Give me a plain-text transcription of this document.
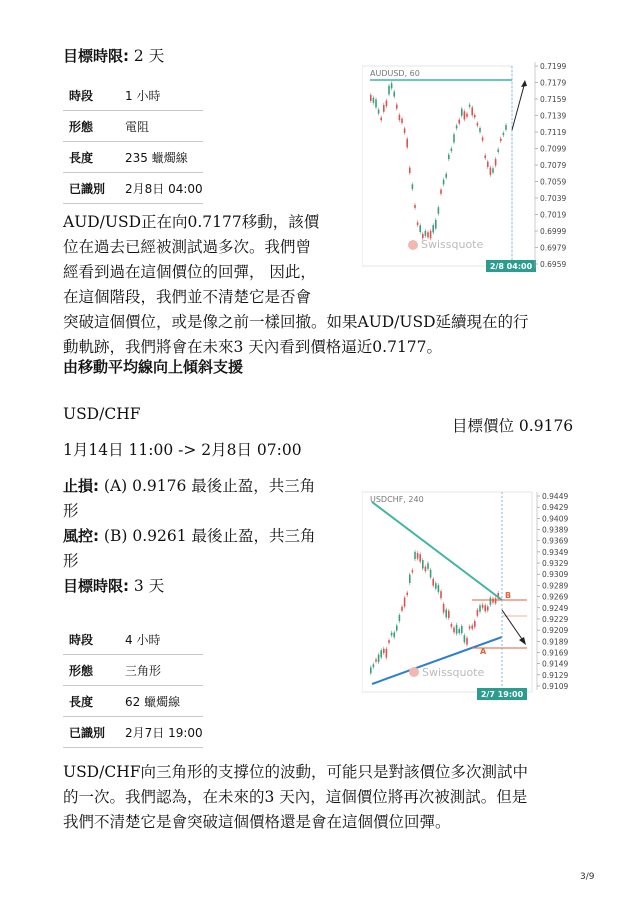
目標時限: 2 天
時段	1 小時
形態	電阻
長度	235 蠟燭線
已識別	2月8日 04:00
AUD/USD正在向0.7177移動，該價
位在過去已經被測試過多次。我們曾
經看到過在這個價位的回彈， 因此，
在這個階段，我們並不清楚它是否會
突破這個價位，或是像之前一樣回撤。如果AUD/USD延續現在的行
動軌跡，我們將會在未來3 天內看到價格逼近0.7177。
由移動平均線向上傾斜支援
AUDUSD, 60
Swissquote
2/8 04:00
0.7199
0.7179
0.7159
0.7139
0.7119
0.7099
0.7079
0.7059
0.7039
0.7019
0.6999
0.6979
0.6959
USD/CHF
目標價位 0.9176
1月14日 11:00 -> 2月8日 07:00
止損: (A) 0.9176 最後止盈，共三角
形
風控: (B) 0.9261 最後止盈，共三角
形
目標時限: 3 天
時段	4 小時
形態	三角形
長度	62 蠟燭線
已識別	2月7日 19:00
USD/CHF向三角形的支撐位的波動，可能只是對該價位多次測試中
的一次。我們認為，在未來的3 天內，這個價位將再次被測試。但是
我們不清楚它是會突破這個價格還是會在這個價位回彈。
USDCHF, 240
B
A
Swissquote
2/7 19:00
0.9449
0.9429
0.9409
0.9389
0.9369
0.9349
0.9329
0.9309
0.9289
0.9269
0.9249
0.9229
0.9209
0.9189
0.9169
0.9149
0.9129
0.9109
3/9
